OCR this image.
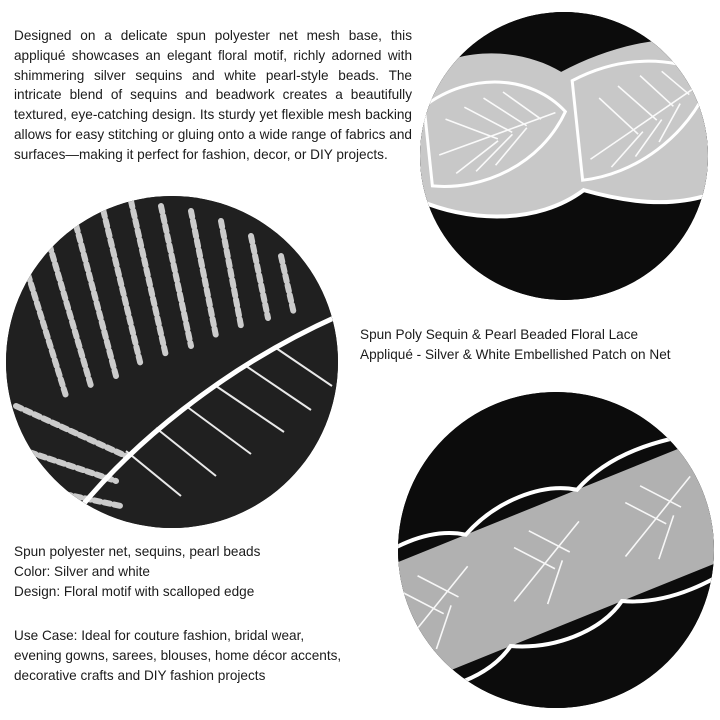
Designed on a delicate spun polyester net mesh base, this appliqué showcases an elegant floral motif, richly adorned with shimmering silver sequins and white pearl-style beads. The intricate blend of sequins and beadwork creates a beautifully textured, eye-catching design. Its sturdy yet flexible mesh backing allows for easy stitching or gluing onto a wide range of fabrics and surfaces—making it perfect for fashion, decor, or DIY projects.
Spun Poly Sequin & Pearl Beaded Floral Lace
Appliqué - Silver & White Embellished Patch on Net
Spun polyester net, sequins, pearl beads
Color: Silver and white
Design: Floral motif with scalloped edge
Use Case: Ideal for couture fashion, bridal wear,
evening gowns, sarees, blouses, home décor accents,
decorative crafts and DIY fashion projects
